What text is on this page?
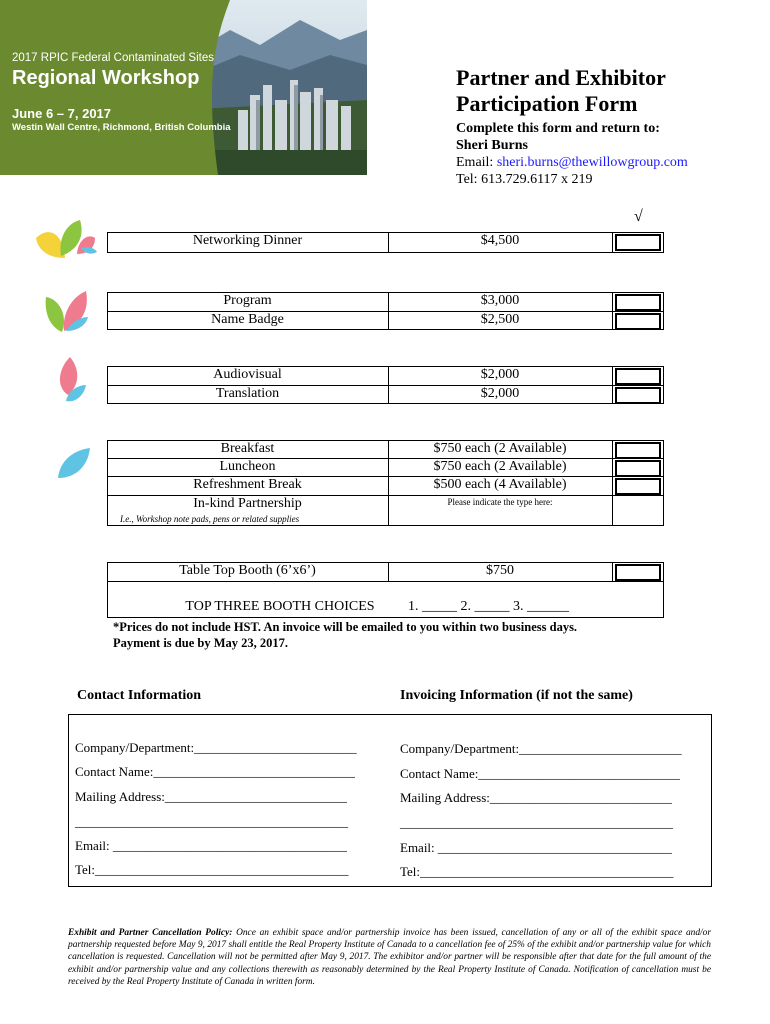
2017 RPIC Federal Contaminated Sites
Regional Workshop
June 6 – 7, 2017
Westin Wall Centre, Richmond, British Columbia
Partner and Exhibitor
Participation Form
Complete this form and return to:
Sheri Burns
Email: sheri.burns@thewillowgroup.com
Tel: 613.729.6117 x 219
√
Networking Dinner	$4,500
Program	$3,000
Name Badge	$2,500
Audiovisual	$2,000
Translation	$2,000
Breakfast	$750 each (2 Available)
Luncheon	$750 each (2 Available)
Refreshment Break	$500 each (4 Available)
In-kind Partnership	Please indicate the type here:
I.e., Workshop note pads, pens or related supplies
Table Top Booth (6’x6’)	$750
TOP THREE BOOTH CHOICES	1. _____ 2. _____ 3. ______
*Prices do not include HST. An invoice will be emailed to you within two business days.
Payment is due by May 23, 2017.
Contact Information	Invoicing Information (if not the same)
Company/Department:_________________________
Contact Name:_______________________________
Mailing Address:____________________________
__________________________________________
Email: ____________________________________
Tel:_______________________________________
Company/Department:_________________________
Contact Name:_______________________________
Mailing Address:____________________________
__________________________________________
Email: ____________________________________
Tel:_______________________________________
Exhibit and Partner Cancellation Policy: Once an exhibit space and/or partnership invoice has been issued, cancellation of any or all of the exhibit space and/or partnership requested before May 9, 2017 shall entitle the Real Property Institute of Canada to a cancellation fee of 25% of the exhibit and/or partnership value for which cancellation is requested. Cancellation will not be permitted after May 9, 2017. The exhibitor and/or partner will be responsible after that date for the full amount of the exhibit and/or partnership value and any collections therewith as reasonably determined by the Real Property Institute of Canada. Notification of cancellation must be received by the Real Property Institute of Canada in written form.
